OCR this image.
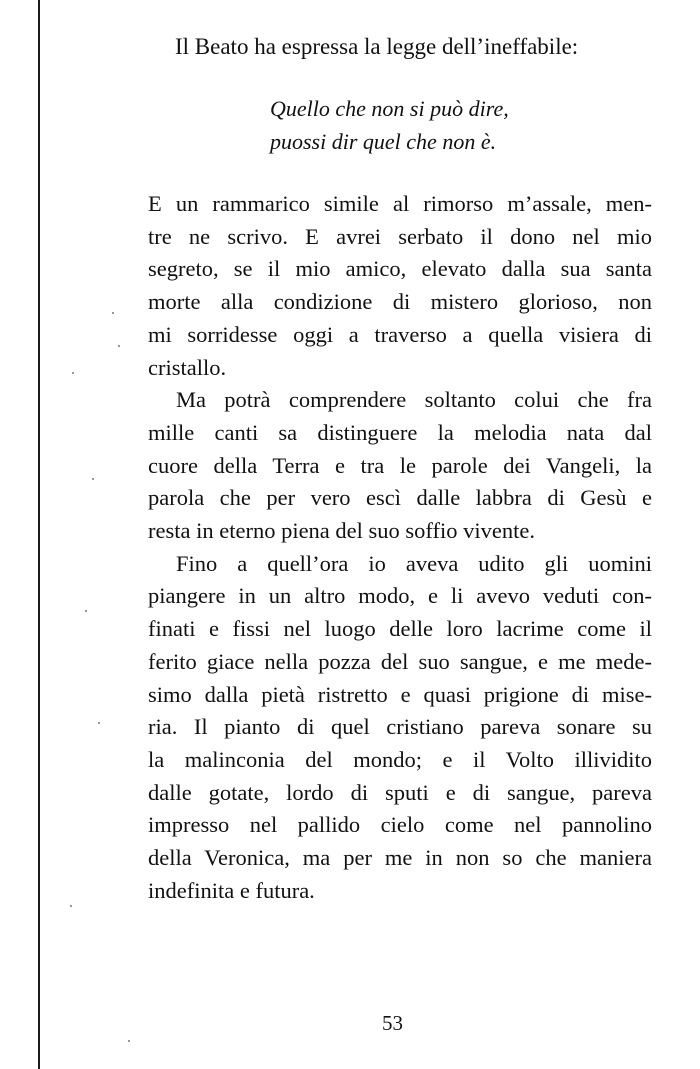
Il Beato ha espressa la legge dell’ineffabile:
Quello che non si può dire,
puossi dir quel che non è.
E un rammarico simile al rimorso m’assale, men‑
tre ne scrivo. E avrei serbato il dono nel mio
segreto, se il mio amico, elevato dalla sua santa
morte alla condizione di mistero glorioso, non
mi sorridesse oggi a traverso a quella visiera di
cristallo.
Ma potrà comprendere soltanto colui che fra
mille canti sa distinguere la melodia nata dal
cuore della Terra e tra le parole dei Vangeli, la
parola che per vero escì dalle labbra di Gesù e
resta in eterno piena del suo soffio vivente.
Fino a quell’ora io aveva udito gli uomini
piangere in un altro modo, e li avevo veduti con‑
finati e fissi nel luogo delle loro lacrime come il
ferito giace nella pozza del suo sangue, e me mede‑
simo dalla pietà ristretto e quasi prigione di mise‑
ria. Il pianto di quel cristiano pareva sonare su
la malinconia del mondo; e il Volto illividito
dalle gotate, lordo di sputi e di sangue, pareva
impresso nel pallido cielo come nel pannolino
della Veronica, ma per me in non so che maniera
indefinita e futura.
53
